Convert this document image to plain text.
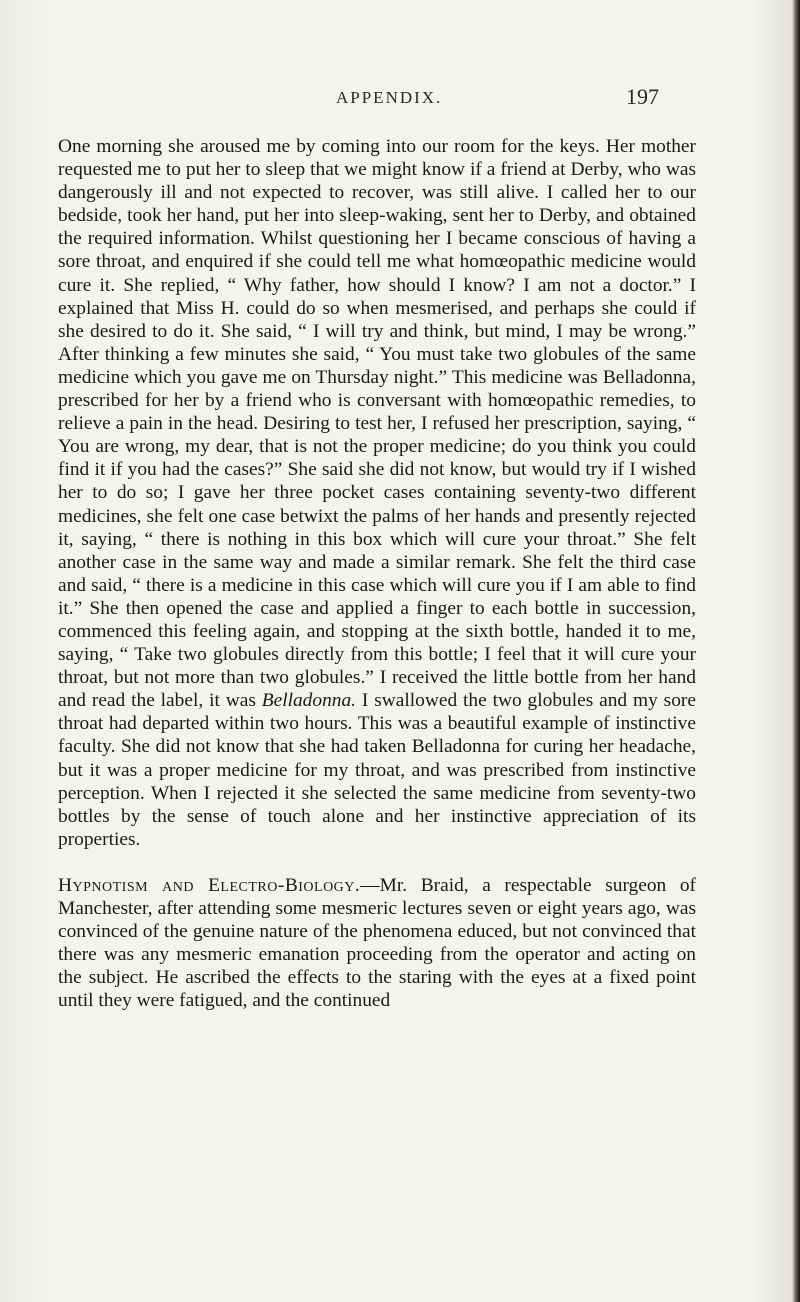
APPENDIX.	197

One morning she aroused me by coming into our room for the keys. Her mother requested me to put her to sleep that we might know if a friend at Derby, who was dangerously ill and not expected to recover, was still alive. I called her to our bedside, took her hand, put her into sleep-waking, sent her to Derby, and obtained the required information. Whilst questioning her I became conscious of having a sore throat, and enquired if she could tell me what homœopathic medicine would cure it. She replied, “ Why father, how should I know? I am not a doctor.” I explained that Miss H. could do so when mesmerised, and perhaps she could if she desired to do it. She said, “ I will try and think, but mind, I may be wrong.” After thinking a few minutes she said, “ You must take two globules of the same medicine which you gave me on Thursday night.” This medicine was Belladonna, prescribed for her by a friend who is conversant with homœopathic remedies, to relieve a pain in the head. Desiring to test her, I refused her prescription, saying, “ You are wrong, my dear, that is not the proper medicine; do you think you could find it if you had the cases?” She said she did not know, but would try if I wished her to do so; I gave her three pocket cases containing seventy-two different medicines, she felt one case betwixt the palms of her hands and presently rejected it, saying, “ there is nothing in this box which will cure your throat.” She felt another case in the same way and made a similar remark. She felt the third case and said, “ there is a medicine in this case which will cure you if I am able to find it.” She then opened the case and applied a finger to each bottle in succession, commenced this feeling again, and stopping at the sixth bottle, handed it to me, saying, “ Take two globules directly from this bottle; I feel that it will cure your throat, but not more than two globules.” I received the little bottle from her hand and read the label, it was Belladonna. I swallowed the two globules and my sore throat had departed within two hours. This was a beautiful example of instinctive faculty. She did not know that she had taken Belladonna for curing her headache, but it was a proper medicine for my throat, and was prescribed from instinctive perception. When I rejected it she selected the same medicine from seventy-two bottles by the sense of touch alone and her instinctive appreciation of its properties.

Hypnotism and Electro-Biology.—Mr. Braid, a respectable surgeon of Manchester, after attending some mesmeric lectures seven or eight years ago, was convinced of the genuine nature of the phenomena educed, but not convinced that there was any mesmeric emanation proceeding from the operator and acting on the subject. He ascribed the effects to the staring with the eyes at a fixed point until they were fatigued, and the continued
